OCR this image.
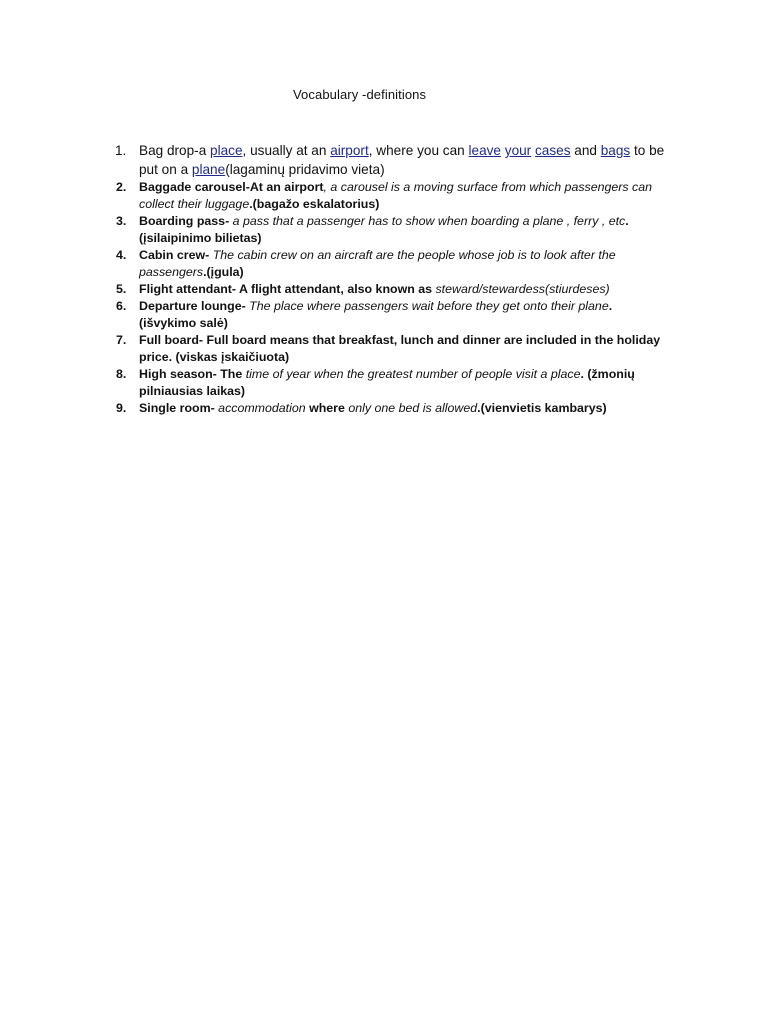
Vocabulary -definitions
1. Bag drop-a place, usually at an airport, where you can leave your cases and bags to be put on a plane(lagaminų pridavimo vieta)
2. Baggade carousel-At an airport, a carousel is a moving surface from which passengers can collect their luggage.(bagažo eskalatorius)
3. Boarding pass- a pass that a passenger has to show when boarding a plane , ferry , etc. (įsilaipinimo bilietas)
4. Cabin crew- The cabin crew on an aircraft are the people whose job is to look after the passengers.(įgula)
5. Flight attendant- A flight attendant, also known as steward/stewardess(stiurdeses)
6. Departure lounge- The place where passengers wait before they get onto their plane. (išvykimo salė)
7. Full board- Full board means that breakfast, lunch and dinner are included in the holiday price. (viskas įskaičiuota)
8. High season- The time of year when the greatest number of people visit a place. (žmonių pilniausias laikas)
9. Single room- accommodation where only one bed is allowed.(vienvietis kambarys)
